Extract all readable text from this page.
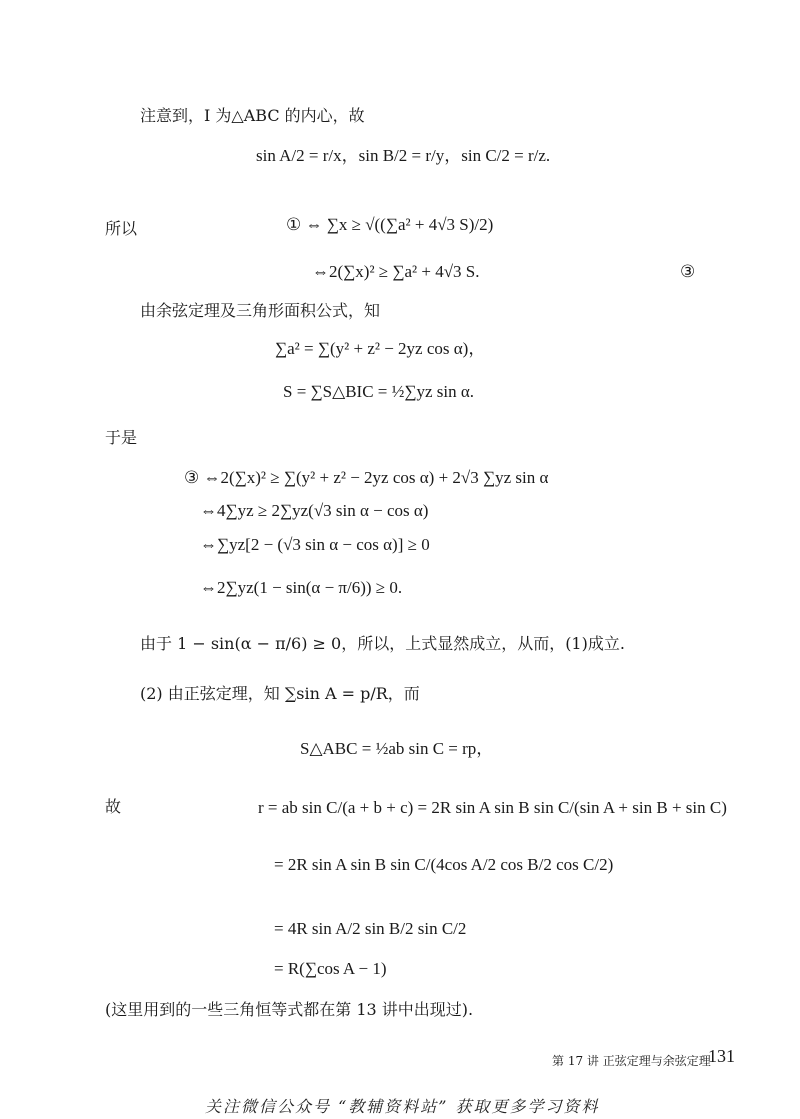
注意到，I 为△ABC 的内心，故
sin A/2 = r/x，sin B/2 = r/y，sin C/2 = r/z.
所以	① ⇔ ∑x ≥ √((∑a² + 4√3 S)/2)
⇔2(∑x)² ≥ ∑a² + 4√3 S.	③
由余弦定理及三角形面积公式，知
∑a² = ∑(y² + z² − 2yz cos α)，
S = ∑S△BIC = ½∑yz sin α.
于是
③ ⇔2(∑x)² ≥ ∑(y² + z² − 2yz cos α) + 2√3 ∑yz sin α
⇔4∑yz ≥ 2∑yz(√3 sin α − cos α)
⇔∑yz[2 − (√3 sin α − cos α)] ≥ 0
⇔2∑yz(1 − sin(α − π/6)) ≥ 0.
由于 1 − sin(α − π/6) ≥ 0，所以，上式显然成立，从而，(1)成立.
(2) 由正弦定理，知 ∑sin A = p/R，而
S△ABC = ½ab sin C = rp，
故	r = ab sin C/(a + b + c) = 2R sin A sin B sin C/(sin A + sin B + sin C)
= 2R sin A sin B sin C/(4cos A/2 cos B/2 cos C/2)
= 4R sin A/2 sin B/2 sin C/2
= R(∑cos A − 1)
(这里用到的一些三角恒等式都在第 13 讲中出现过).
第 17 讲 正弦定理与余弦定理
131
关注微信公众号 “教辅资料站” 获取更多学习资料
